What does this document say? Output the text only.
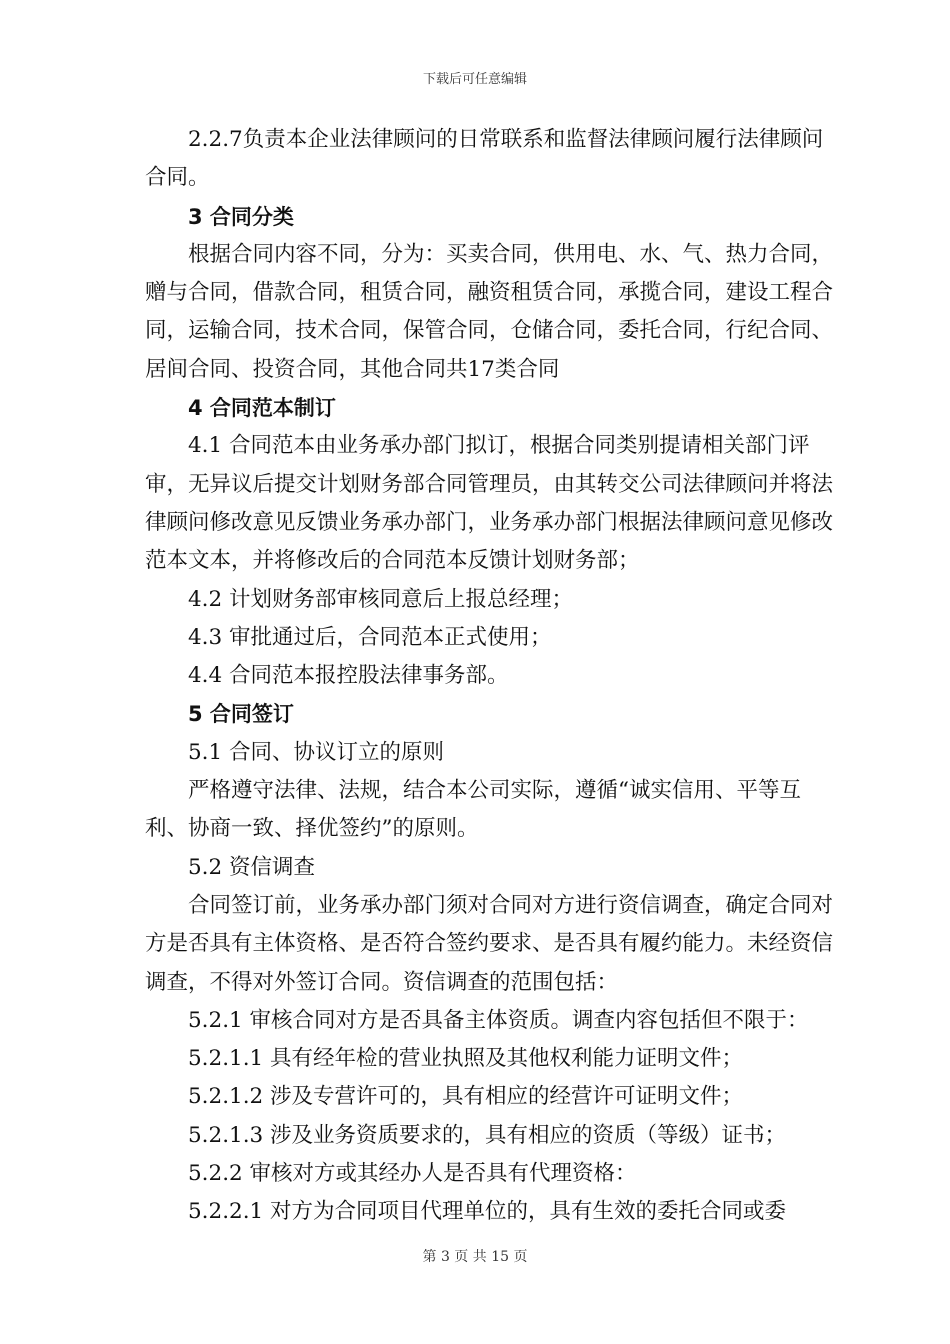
下载后可任意编辑
2.2.7负责本企业法律顾问的日常联系和监督法律顾问履行法律顾问合同。
3 合同分类
根据合同内容不同，分为：买卖合同，供用电、水、气、热力合同，赠与合同，借款合同，租赁合同，融资租赁合同，承揽合同，建设工程合同，运输合同，技术合同，保管合同，仓储合同，委托合同，行纪合同、居间合同、投资合同，其他合同共17类合同
4 合同范本制订
4.1 合同范本由业务承办部门拟订，根据合同类别提请相关部门评审，无异议后提交计划财务部合同管理员，由其转交公司法律顾问并将法律顾问修改意见反馈业务承办部门，业务承办部门根据法律顾问意见修改范本文本，并将修改后的合同范本反馈计划财务部；
4.2 计划财务部审核同意后上报总经理；
4.3 审批通过后，合同范本正式使用；
4.4 合同范本报控股法律事务部。
5 合同签订
5.1 合同、协议订立的原则
严格遵守法律、法规，结合本公司实际，遵循“诚实信用、平等互利、协商一致、择优签约”的原则。
5.2 资信调查
合同签订前，业务承办部门须对合同对方进行资信调查，确定合同对方是否具有主体资格、是否符合签约要求、是否具有履约能力。未经资信调查，不得对外签订合同。资信调查的范围包括：
5.2.1 审核合同对方是否具备主体资质。调查内容包括但不限于：
5.2.1.1 具有经年检的营业执照及其他权利能力证明文件；
5.2.1.2 涉及专营许可的，具有相应的经营许可证明文件；
5.2.1.3 涉及业务资质要求的，具有相应的资质（等级）证书；
5.2.2 审核对方或其经办人是否具有代理资格：
5.2.2.1 对方为合同项目代理单位的，具有生效的委托合同或委
第 3 页 共 15 页
